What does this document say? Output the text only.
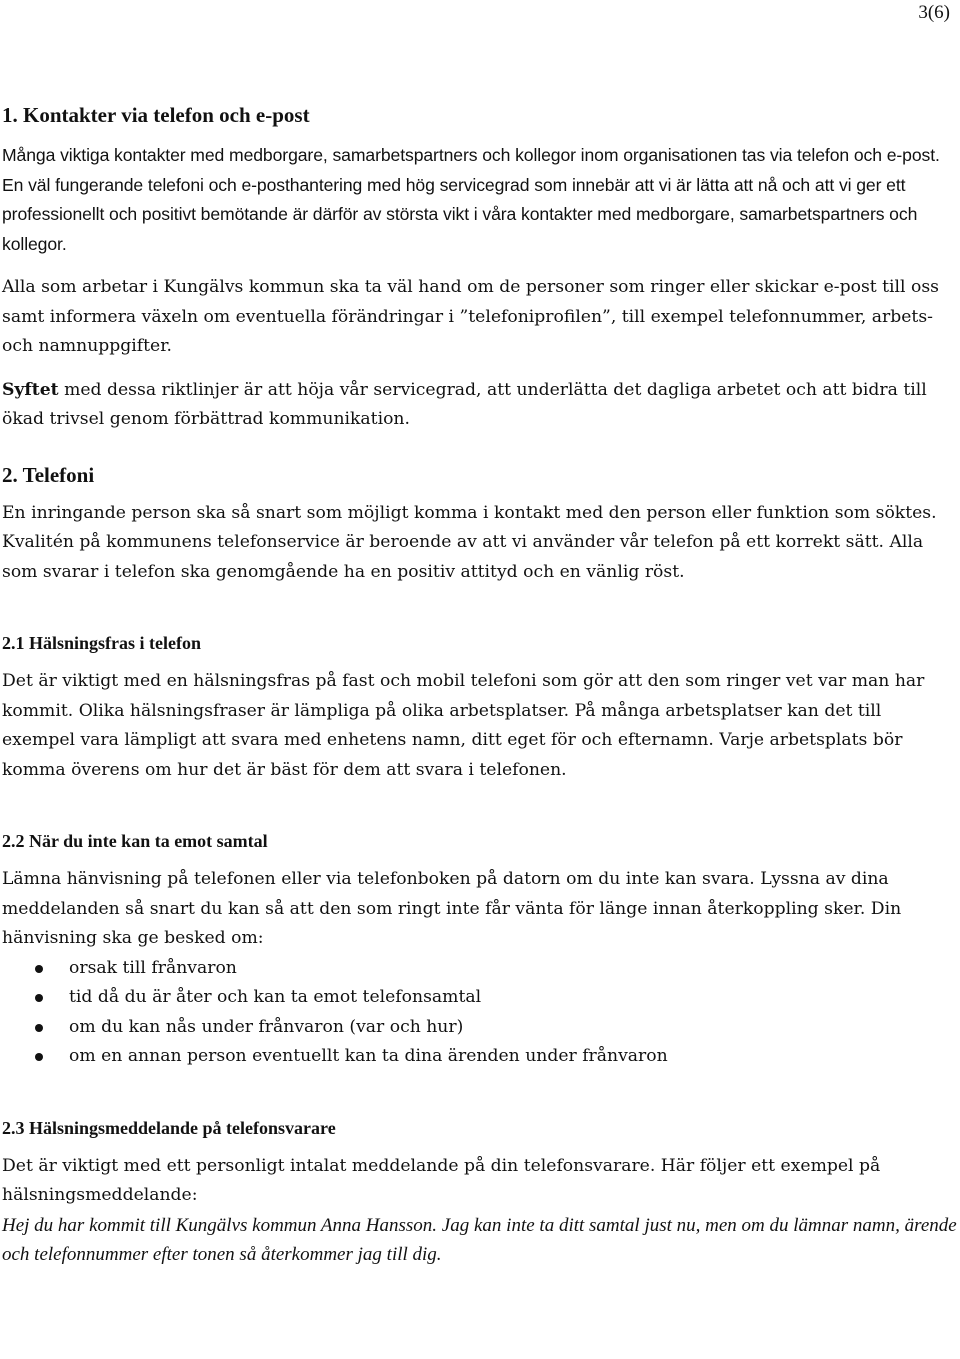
3(6)
1. Kontakter via telefon och e-post

Många viktiga kontakter med medborgare, samarbetspartners och kollegor inom organisationen tas via telefon och e-post. En väl fungerande telefoni och e-posthantering med hög servicegrad som innebär att vi är lätta att nå och att vi ger ett professionellt och positivt bemötande är därför av största vikt i våra kontakter med medborgare, samarbetspartners och kollegor.

Alla som arbetar i Kungälvs kommun ska ta väl hand om de personer som ringer eller skickar e-post till oss samt informera växeln om eventuella förändringar i ”telefoniprofilen”, till exempel telefonnummer, arbets- och namnuppgifter.

Syftet med dessa riktlinjer är att höja vår servicegrad, att underlätta det dagliga arbetet och att bidra till ökad trivsel genom förbättrad kommunikation.

2. Telefoni

En inringande person ska så snart som möjligt komma i kontakt med den person eller funktion som söktes. Kvalitén på kommunens telefonservice är beroende av att vi använder vår telefon på ett korrekt sätt. Alla som svarar i telefon ska genomgående ha en positiv attityd och en vänlig röst.

2.1 Hälsningsfras i telefon

Det är viktigt med en hälsningsfras på fast och mobil telefoni som gör att den som ringer vet var man har kommit. Olika hälsningsfraser är lämpliga på olika arbetsplatser. På många arbetsplatser kan det till exempel vara lämpligt att svara med enhetens namn, ditt eget för och efternamn. Varje arbetsplats bör komma överens om hur det är bäst för dem att svara i telefonen.

2.2 När du inte kan ta emot samtal

Lämna hänvisning på telefonen eller via telefonboken på datorn om du inte kan svara. Lyssna av dina meddelanden så snart du kan så att den som ringt inte får vänta för länge innan återkoppling sker. Din hänvisning ska ge besked om:

orsak till frånvaron
tid då du är åter och kan ta emot telefonsamtal
om du kan nås under frånvaron (var och hur)
om en annan person eventuellt kan ta dina ärenden under frånvaron
2.3 Hälsningsmeddelande på telefonsvarare

Det är viktigt med ett personligt intalat meddelande på din telefonsvarare. Här följer ett exempel på hälsningsmeddelande:

Hej du har kommit till Kungälvs kommun Anna Hansson. Jag kan inte ta ditt samtal just nu, men om du lämnar namn, ärende och telefonnummer efter tonen så återkommer jag till dig.
